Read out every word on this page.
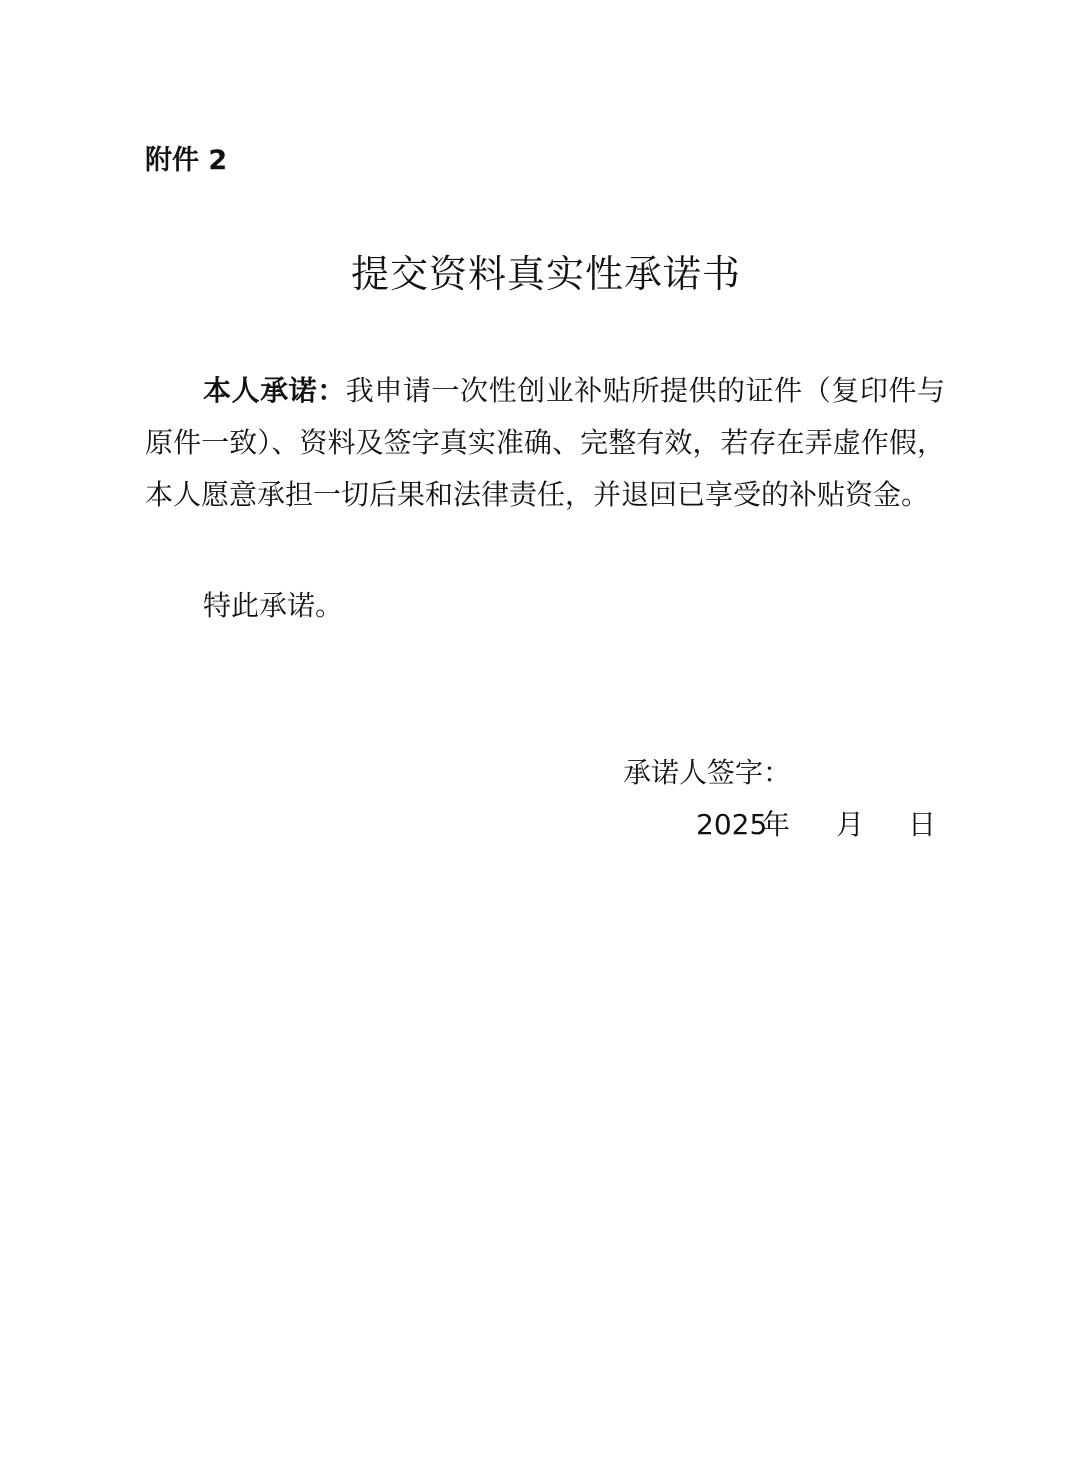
附件 2
提交资料真实性承诺书

本人承诺：我申请一次性创业补贴所提供的证件（复印件与原件一致）、资料及签字真实准确、完整有效，若存在弄虚作假，本人愿意承担一切后果和法律责任，并退回已享受的补贴资金。

特此承诺。
承诺人签字：
2025
年 月 日
